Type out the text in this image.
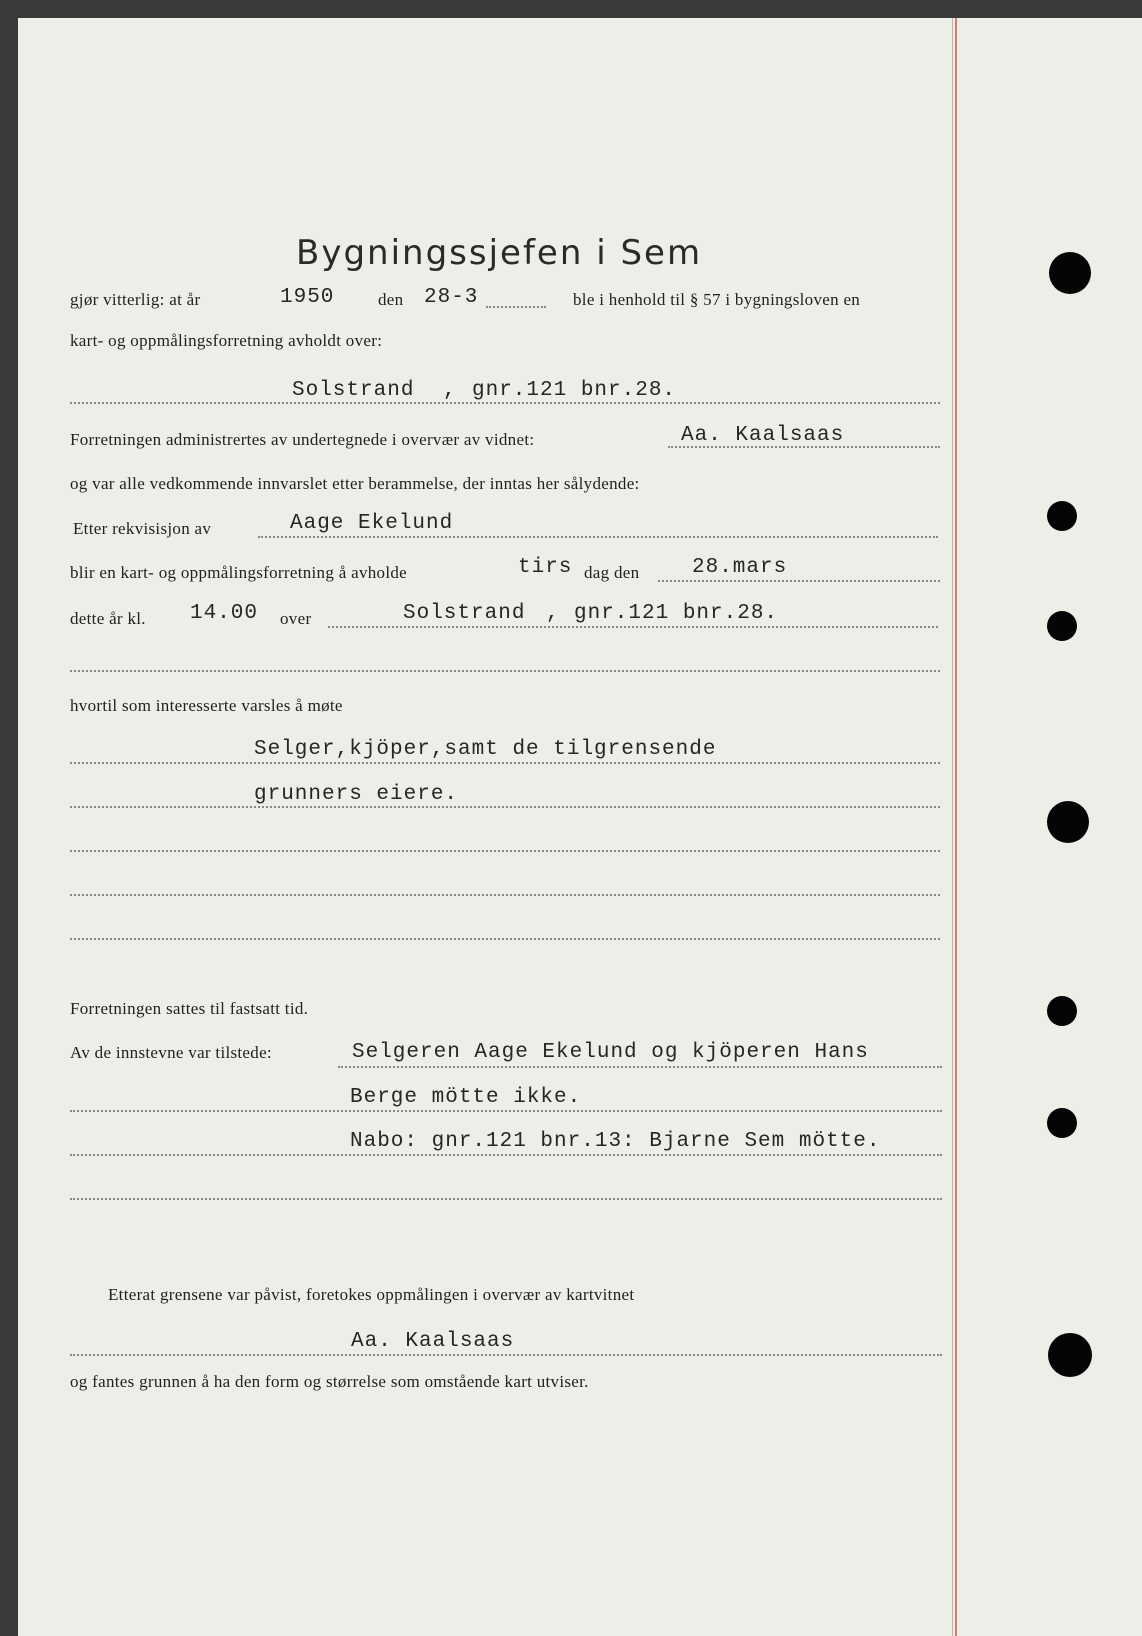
Bygningssjefen i Sem
gjør vitterlig: at år	1950	den 28-3	ble i henhold til § 57 i bygningsloven en
kart- og oppmålingsforretning avholdt over:
Solstrand , gnr.121 bnr.28.
Forretningen administrertes av undertegnede i overvær av vidnet:	Aa. Kaalsaas
og var alle vedkommende innvarslet etter berammelse, der inntas her sålydende:
Etter rekvisisjon av	Aage Ekelund
blir en kart- og oppmålingsforretning å avholde	tirs dag den	28.mars
dette år kl. 14.00 over	Solstrand , gnr.121 bnr.28.
hvortil som interesserte varsles å møte
Selger,kjöper,samt de tilgrensende
grunners eiere.
Forretningen sattes til fastsatt tid.
Av de innstevne var tilstede:	Selgeren Aage Ekelund og kjöperen Hans
Berge mötte ikke.
Nabo: gnr.121 bnr.13: Bjarne Sem mötte.
Etterat grensene var påvist, foretokes oppmålingen i overvær av kartvitnet
Aa. Kaalsaas
og fantes grunnen å ha den form og størrelse som omstående kart utviser.
